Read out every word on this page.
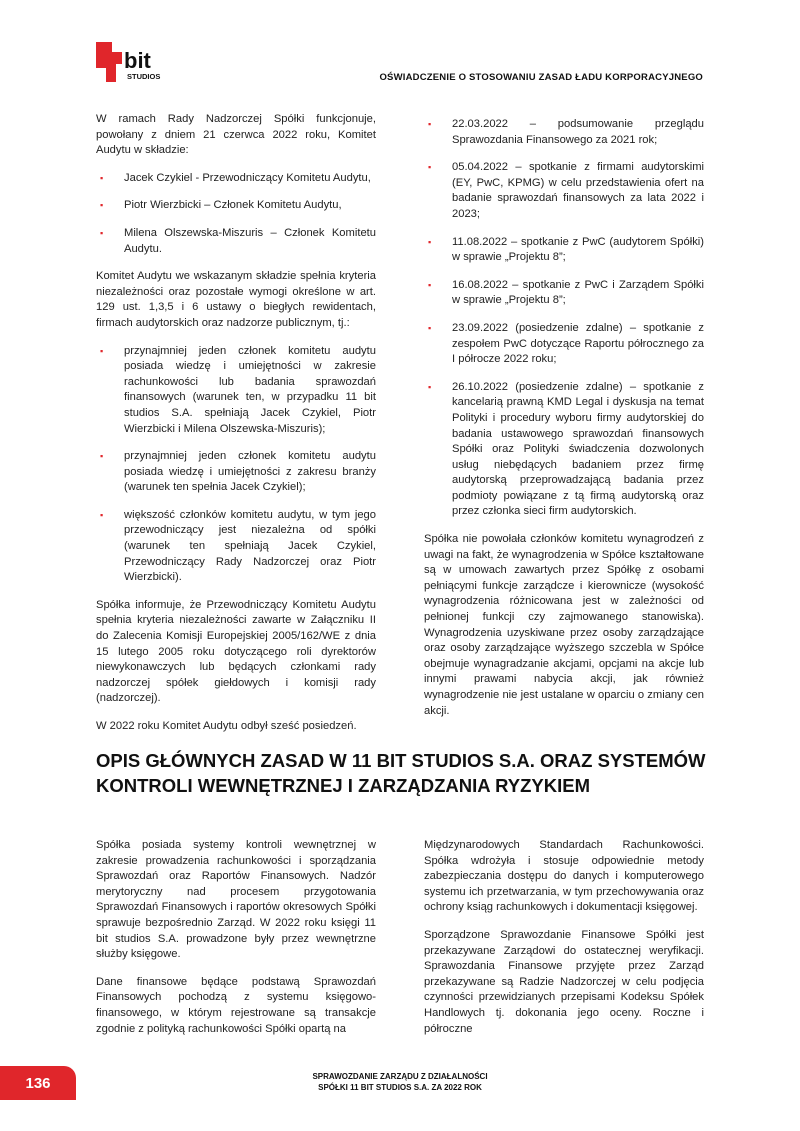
bit
STUDIOS	OŚWIADCZENIE O STOSOWANIU ZASAD ŁADU KORPORACYJNEGO

W ramach Rady Nadzorczej Spółki funkcjonuje, powołany z dniem 21 czerwca 2022 roku, Komitet Audytu w składzie:

▪ Jacek Czykiel - Przewodniczący Komitetu Audytu,
▪ Piotr Wierzbicki – Członek Komitetu Audytu,
▪ Milena Olszewska-Miszuris – Członek Komitetu Audytu.

Komitet Audytu we wskazanym składzie spełnia kryteria niezależności oraz pozostałe wymogi określone w art. 129 ust. 1,3,5 i 6 ustawy o biegłych rewidentach, firmach audytorskich oraz nadzorze publicznym, tj.:

▪ przynajmniej jeden członek komitetu audytu posiada wiedzę i umiejętności w zakresie rachunkowości lub badania sprawozdań finansowych (warunek ten, w przypadku 11 bit studios S.A. spełniają Jacek Czykiel, Piotr Wierzbicki i Milena Olszewska-Miszuris);
▪ przynajmniej jeden członek komitetu audytu posiada wiedzę i umiejętności z zakresu branży (warunek ten spełnia Jacek Czykiel);
▪ większość członków komitetu audytu, w tym jego przewodniczący jest niezależna od spółki (warunek ten spełniają Jacek Czykiel, Przewodniczący Rady Nadzorczej oraz Piotr Wierzbicki).

Spółka informuje, że Przewodniczący Komitetu Audytu spełnia kryteria niezależności zawarte w Załączniku II do Zalecenia Komisji Europejskiej 2005/162/WE z dnia 15 lutego 2005 roku dotyczącego roli dyrektorów niewykonawczych lub będących członkami rady nadzorczej spółek giełdowych i komisji rady (nadzorczej).

W 2022 roku Komitet Audytu odbył sześć posiedzeń.

▪ 22.03.2022 – podsumowanie przeglądu Sprawozdania Finansowego za 2021 rok;
▪ 05.04.2022 – spotkanie z firmami audytorskimi (EY, PwC, KPMG) w celu przedstawienia ofert na badanie sprawozdań finansowych za lata 2022 i 2023;
▪ 11.08.2022 – spotkanie z PwC (audytorem Spółki) w sprawie „Projektu 8”;
▪ 16.08.2022 – spotkanie z PwC i Zarządem Spółki w sprawie „Projektu 8”;
▪ 23.09.2022 (posiedzenie zdalne) – spotkanie z zespołem PwC dotyczące Raportu półrocznego za I półrocze 2022 roku;
▪ 26.10.2022 (posiedzenie zdalne) – spotkanie z kancelarią prawną KMD Legal i dyskusja na temat Polityki i procedury wyboru firmy audytorskiej do badania ustawowego sprawozdań finansowych Spółki oraz Polityki świadczenia dozwolonych usług niebędących badaniem przez firmę audytorską przeprowadzającą badania przez podmioty powiązane z tą firmą audytorską oraz przez członka sieci firm audytorskich.

Spółka nie powołała członków komitetu wynagrodzeń z uwagi na fakt, że wynagrodzenia w Spółce kształtowane są w umowach zawartych przez Spółkę z osobami pełniącymi funkcje zarządcze i kierownicze (wysokość wynagrodzenia różnicowana jest w zależności od pełnionej funkcji czy zajmowanego stanowiska). Wynagrodzenia uzyskiwane przez osoby zarządzające oraz osoby zarządzające wyższego szczebla w Spółce obejmuje wynagradzanie akcjami, opcjami na akcje lub innymi prawami nabycia akcji, jak również wynagrodzenie nie jest ustalane w oparciu o zmiany cen akcji.

OPIS GŁÓWNYCH ZASAD W 11 BIT STUDIOS S.A. ORAZ SYSTEMÓW KONTROLI WEWNĘTRZNEJ I ZARZĄDZANIA RYZYKIEM

Spółka posiada systemy kontroli wewnętrznej w zakresie prowadzenia rachunkowości i sporządzania Sprawozdań oraz Raportów Finansowych. Nadzór merytoryczny nad procesem przygotowania Sprawozdań Finansowych i raportów okresowych Spółki sprawuje bezpośrednio Zarząd. W 2022 roku księgi 11 bit studios S.A. prowadzone były przez wewnętrzne służby księgowe.

Dane finansowe będące podstawą Sprawozdań Finansowych pochodzą z systemu księgowo-finansowego, w którym rejestrowane są transakcje zgodnie z polityką rachunkowości Spółki opartą na

Międzynarodowych Standardach Rachunkowości. Spółka wdrożyła i stosuje odpowiednie metody zabezpieczania dostępu do danych i komputerowego systemu ich przetwarzania, w tym przechowywania oraz ochrony ksiąg rachunkowych i dokumentacji księgowej.

Sporządzone Sprawozdanie Finansowe Spółki jest przekazywane Zarządowi do ostatecznej weryfikacji. Sprawozdania Finansowe przyjęte przez Zarząd przekazywane są Radzie Nadzorczej w celu podjęcia czynności przewidzianych przepisami Kodeksu Spółek Handlowych tj. dokonania jego oceny. Roczne i półroczne

136	SPRAWOZDANIE ZARZĄDU Z DZIAŁALNOŚCI
SPÓŁKI 11 BIT STUDIOS S.A. ZA 2022 ROK
